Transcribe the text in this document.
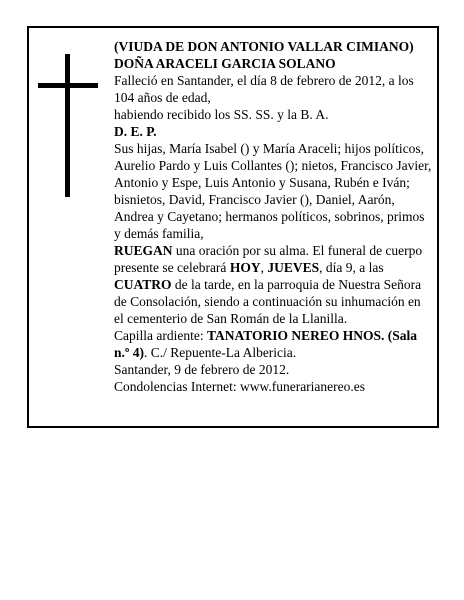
(VIUDA DE DON ANTONIO VALLAR CIMIANO)

DOÑA ARACELI GARCIA SOLANO

Falleció en Santander, el día 8 de febrero de 2012, a los 104 años de edad,

habiendo recibido los SS. SS. y la B. A.

D. E. P.

Sus hijas, María Isabel () y María Araceli; hijos políticos, Aurelio Pardo y Luis Collantes (); nietos, Francisco Javier, Antonio y Espe, Luis Antonio y Susana, Rubén e Iván; bisnietos, David, Francisco Javier (), Daniel, Aarón, Andrea y Cayetano; hermanos políticos, sobrinos, primos y demás familia,

RUEGAN una oración por su alma. El funeral de cuerpo presente se celebrará HOY, JUEVES, día 9, a las CUATRO de la tarde, en la parroquia de Nuestra Señora de Consolación, siendo a continuación su inhumación en el cementerio de San Román de la Llanilla.

Capilla ardiente: TANATORIO NEREO HNOS. (Sala n.º 4). C./ Repuente-La Albericia.

Santander, 9 de febrero de 2012.

Condolencias Internet: www.funerarianereo.es
